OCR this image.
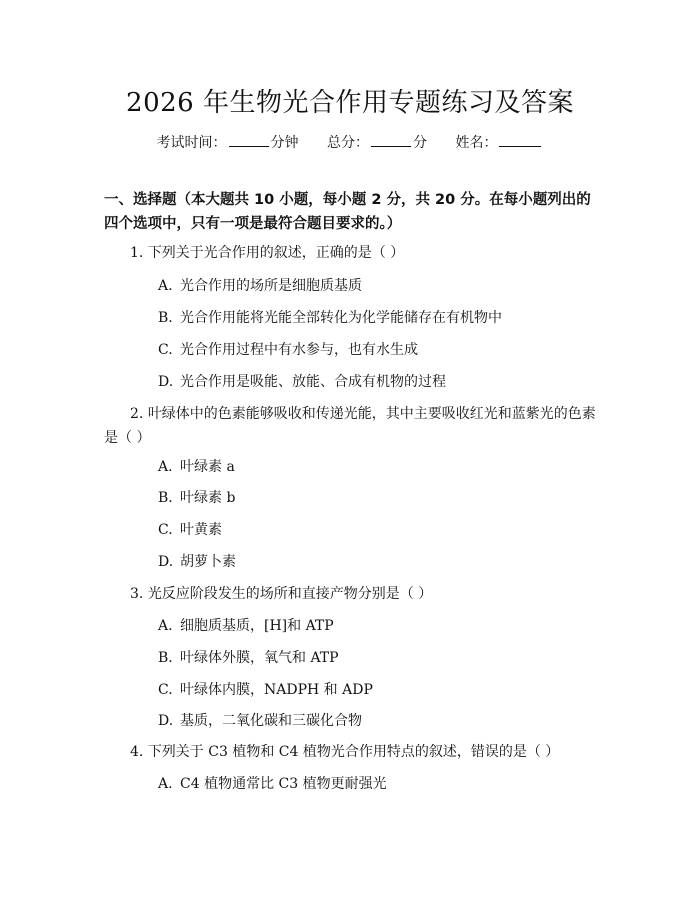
2026 年生物光合作用专题练习及答案
考试时间：	分钟 总分：	分 姓名：
一、选择题（本大题共 10 小题，每小题 2 分，共 20 分。在每小题列出的四个选项中，只有一项是最符合题目要求的。）
1. 下列关于光合作用的叙述，正确的是（ ）
A. 光合作用的场所是细胞质基质
B. 光合作用能将光能全部转化为化学能储存在有机物中
C. 光合作用过程中有水参与，也有水生成
D. 光合作用是吸能、放能、合成有机物的过程
2. 叶绿体中的色素能够吸收和传递光能，其中主要吸收红光和蓝紫光的色素是（ ）
A. 叶绿素 a
B. 叶绿素 b
C. 叶黄素
D. 胡萝卜素
3. 光反应阶段发生的场所和直接产物分别是（ ）
A. 细胞质基质，[H]和 ATP
B. 叶绿体外膜，氧气和 ATP
C. 叶绿体内膜，NADPH 和 ADP
D. 基质，二氧化碳和三碳化合物
4. 下列关于 C3 植物和 C4 植物光合作用特点的叙述，错误的是（ ）
A. C4 植物通常比 C3 植物更耐强光
